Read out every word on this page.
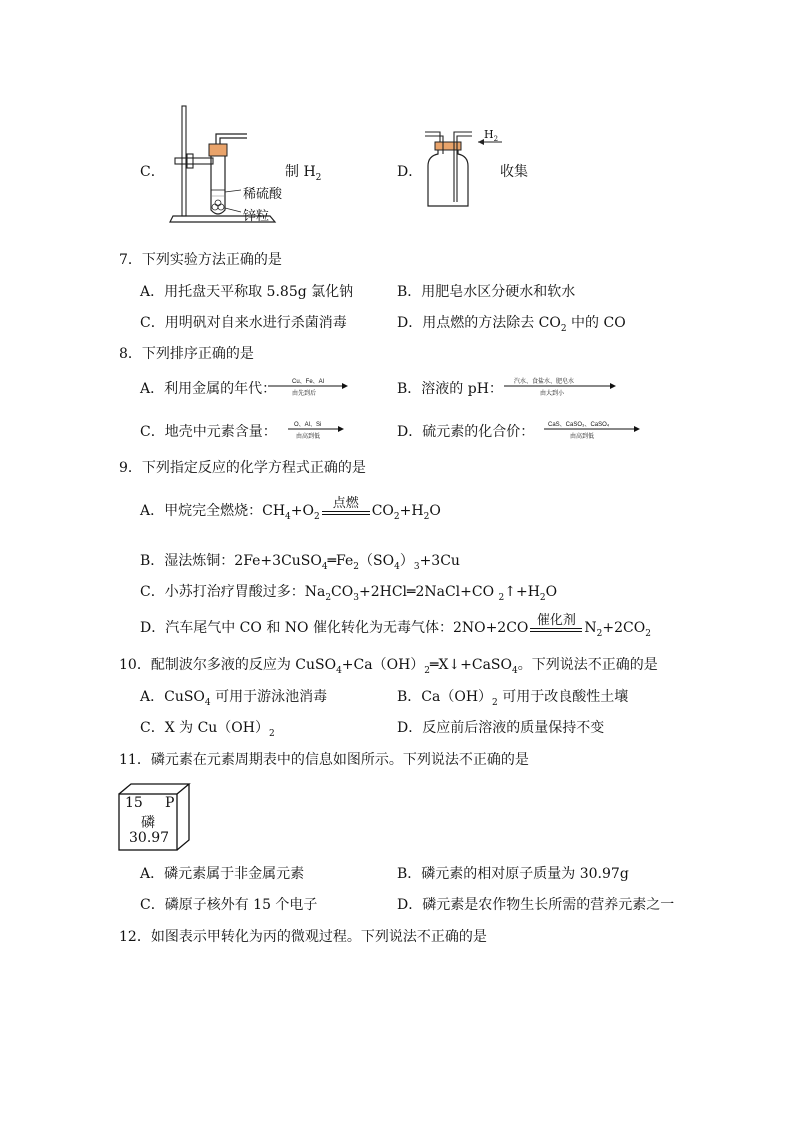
C．
稀硫酸
锌粒
制 $H_2$	D．
$H_2$
收集
7．下列实验方法正确的是
A．用托盘天平称取 5.85g 氯化钠	B．用肥皂水区分硬水和软水
C．用明矾对自来水进行杀菌消毒	D．用点燃的方法除去 $CO_2$ 中的 CO
8．下列排序正确的是
A．利用金属的年代：	Cu、Fe、Al
由先到后	B．溶液的 pH： 汽水、食盐水、肥皂水
由大到小
C．地壳中元素含量：	O、Al、Si
由高到低	D．硫元素的化合价： CaS、CaSO₃、CaSO₄
由高到低
9．下列指定反应的化学方程式正确的是
A．甲烷完全燃烧：$CH_4+O_2$
点燃 $CO_2+H_2O$
B．湿法炼铜：$2Fe+3CuSO_4═Fe_2(SO_4)_3+3Cu$
C．小苏打治疗胃酸过多：$Na_2CO_3+2HCl═2NaCl+CO$ $_2↑+H_2O$
D．汽车尾气中 CO 和 NO 催化转化为无毒气体：2NO+2CO 催化剂 $N_2+2CO_2$
10．配制波尔多液的反应为 $CuSO_4+Ca(OH)_2═X↓+CaSO_4$。下列说法不正确的是
A．CuSO$_4$ 可用于游泳池消毒	B．$Ca(OH)_2$ 可用于改良酸性土壤
C．X 为 $Cu(OH)_2$	D．反应前后溶液的质量保持不变
11．磷元素在元素周期表中的信息如图所示。下列说法不正确的是
15 P
磷
30.97
A．磷元素属于非金属元素	B．磷元素的相对原子质量为 30.97g
C．磷原子核外有 15 个电子	D．磷元素是农作物生长所需的营养元素之一
12．如图表示甲转化为丙的微观过程。下列说法不正确的是
